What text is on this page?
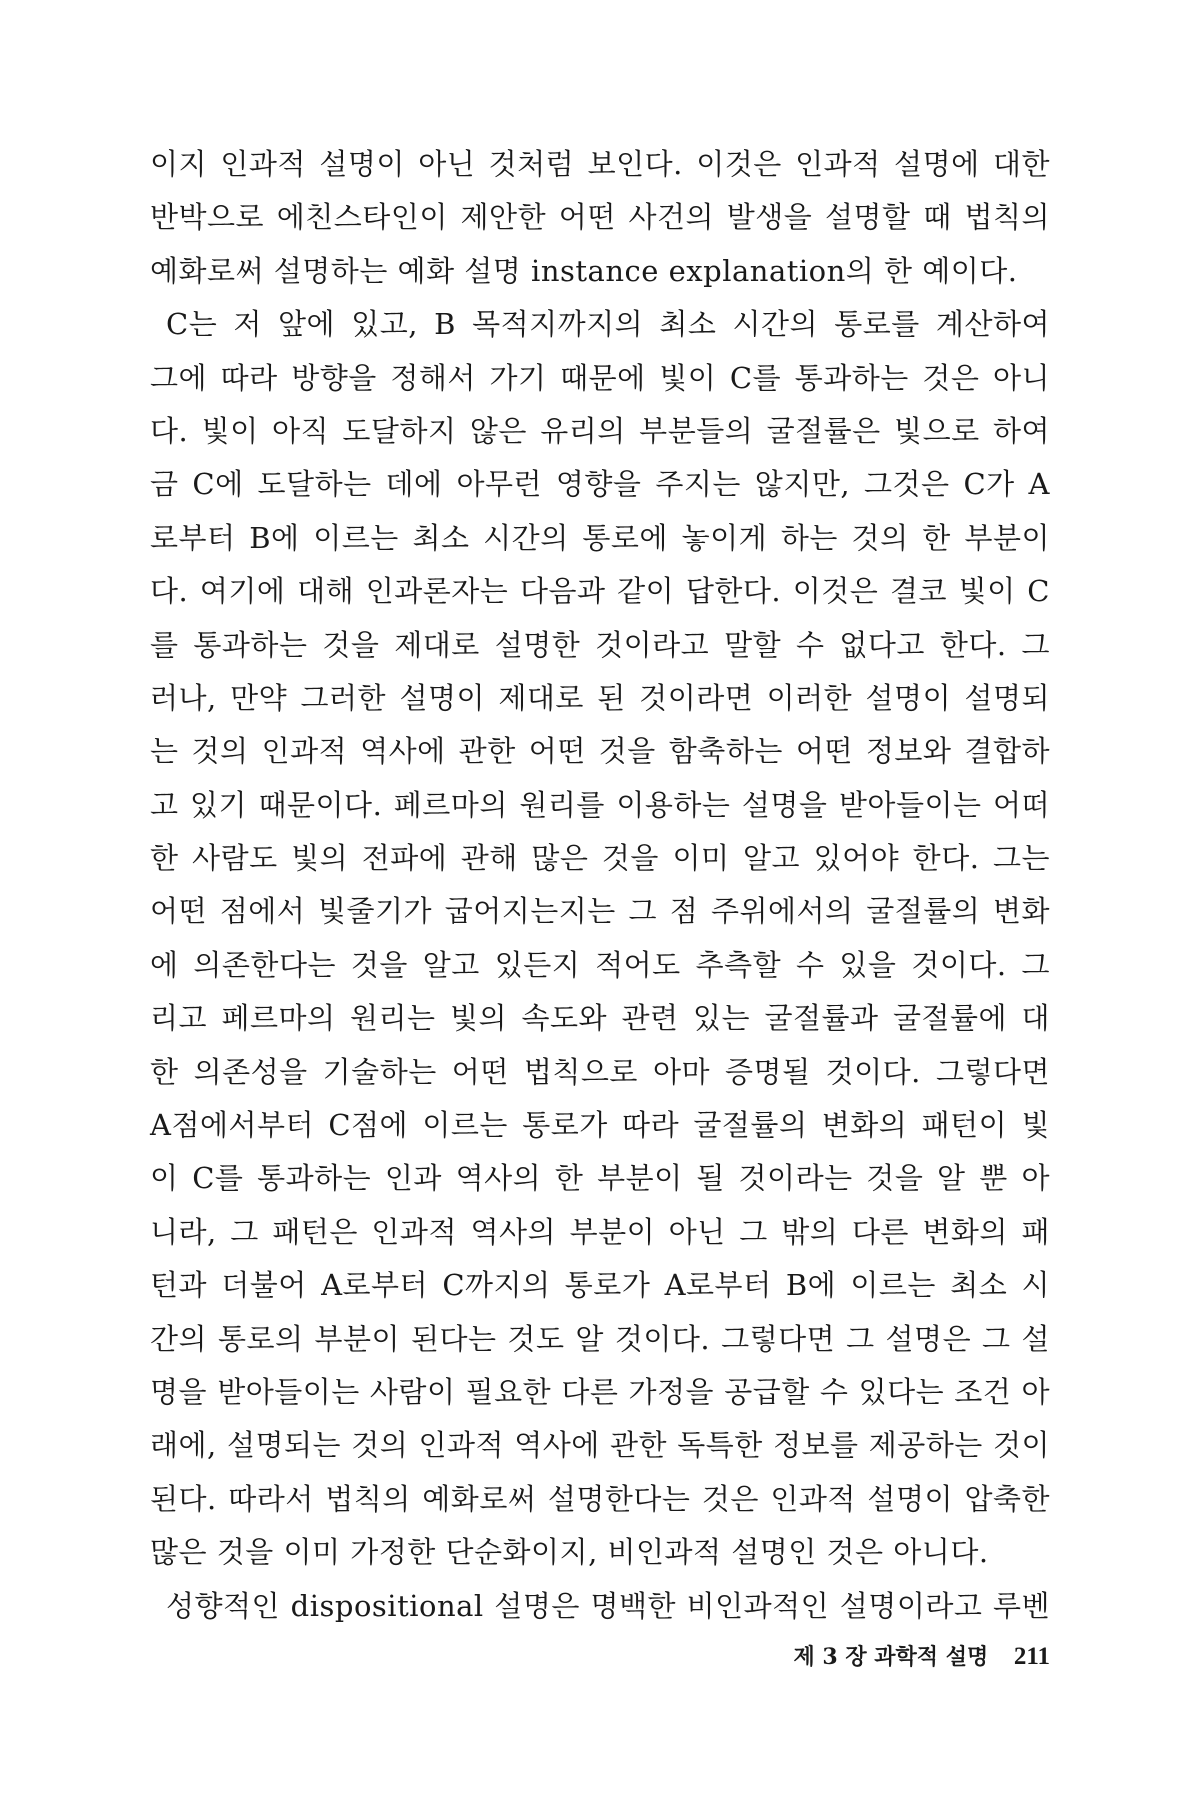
이지 인과적 설명이 아닌 것처럼 보인다. 이것은 인과적 설명에 대한
반박으로 에친스타인이 제안한 어떤 사건의 발생을 설명할 때 법칙의
예화로써 설명하는 예화 설명 instance explanation의 한 예이다.
C는 저 앞에 있고, B 목적지까지의 최소 시간의 통로를 계산하여
그에 따라 방향을 정해서 가기 때문에 빛이 C를 통과하는 것은 아니
다. 빛이 아직 도달하지 않은 유리의 부분들의 굴절률은 빛으로 하여
금 C에 도달하는 데에 아무런 영향을 주지는 않지만, 그것은 C가 A
로부터 B에 이르는 최소 시간의 통로에 놓이게 하는 것의 한 부분이
다. 여기에 대해 인과론자는 다음과 같이 답한다. 이것은 결코 빛이 C
를 통과하는 것을 제대로 설명한 것이라고 말할 수 없다고 한다. 그
러나, 만약 그러한 설명이 제대로 된 것이라면 이러한 설명이 설명되
는 것의 인과적 역사에 관한 어떤 것을 함축하는 어떤 정보와 결합하
고 있기 때문이다. 페르마의 원리를 이용하는 설명을 받아들이는 어떠
한 사람도 빛의 전파에 관해 많은 것을 이미 알고 있어야 한다. 그는
어떤 점에서 빛줄기가 굽어지는지는 그 점 주위에서의 굴절률의 변화
에 의존한다는 것을 알고 있든지 적어도 추측할 수 있을 것이다. 그
리고 페르마의 원리는 빛의 속도와 관련 있는 굴절률과 굴절률에 대
한 의존성을 기술하는 어떤 법칙으로 아마 증명될 것이다. 그렇다면
A점에서부터 C점에 이르는 통로가 따라 굴절률의 변화의 패턴이 빛
이 C를 통과하는 인과 역사의 한 부분이 될 것이라는 것을 알 뿐 아
니라, 그 패턴은 인과적 역사의 부분이 아닌 그 밖의 다른 변화의 패
턴과 더불어 A로부터 C까지의 통로가 A로부터 B에 이르는 최소 시
간의 통로의 부분이 된다는 것도 알 것이다. 그렇다면 그 설명은 그 설
명을 받아들이는 사람이 필요한 다른 가정을 공급할 수 있다는 조건 아
래에, 설명되는 것의 인과적 역사에 관한 독특한 정보를 제공하는 것이
된다. 따라서 법칙의 예화로써 설명한다는 것은 인과적 설명이 압축한
많은 것을 이미 가정한 단순화이지, 비인과적 설명인 것은 아니다.
성향적인 dispositional 설명은 명백한 비인과적인 설명이라고 루벤
제 3 장 과학적 설명 211
